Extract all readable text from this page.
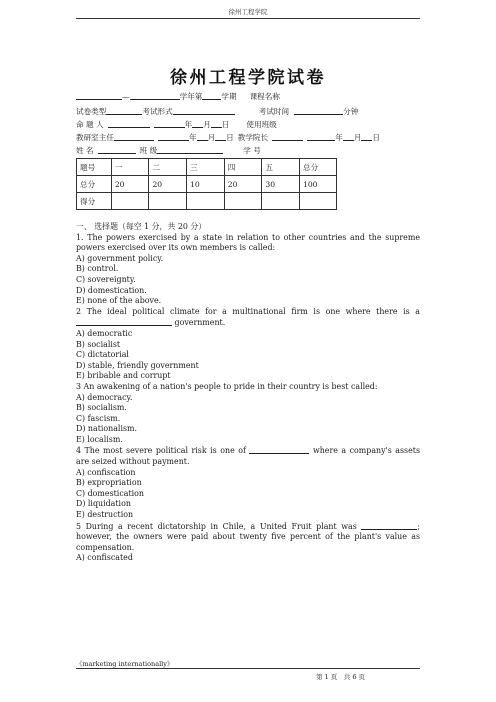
徐州工程学院
徐州工程学院试卷
—	学年第	学期 课程名称
试卷类型	考试形式	考试时间	分钟
命 题 人	年 月 日 使用班级
教研室主任	年 月 日 教学院长	年 月 日
姓 名	班 级	学 号
题号	一	二	三	四	五	总分
总分	20	20	10	20	30	100
得分						

一、 选择题（每空 1 分，共 20 分）

1. The powers exercised by a state in relation to other countries and the supreme powers exercised over its own members is called:

A) government policy.

B) control.

C) sovereignty.

D) domestication.

E) none of the above.

2 The ideal political climate for a multinational firm is one where there is a  government.

A) democratic

B) socialist

C) dictatorial

D) stable, friendly government

E) bribable and corrupt

3 An awakening of a nation's people to pride in their country is best called:

A) democracy.

B) socialism.

C) fascism.

D) nationalism.

E) localism.

4 The most severe political risk is one of	where a company's assets are seized without payment.

A) confiscation

B) expropriation

C) domestication

D) liquidation

E) destruction

5 During a recent dictatorship in Chile, a United Fruit plant was	; however, the owners were paid about twenty five percent of the plant's value as compensation.

A) confiscated

《marketing internationally》
第 1 页　共 6 页
